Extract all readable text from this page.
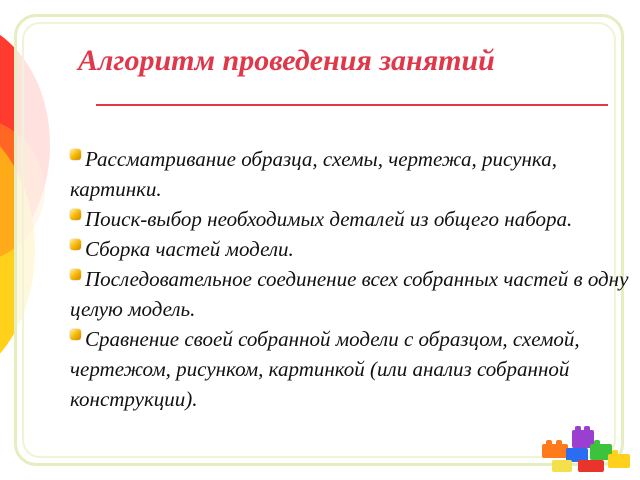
Алгоритм проведения занятий

Рассматривание образца, схемы, чертежа, рисунка, картинки.

Поиск-выбор необходимых деталей из общего набора.

Сборка частей модели.

Последовательное соединение всех собранных частей в одну целую модель.

Сравнение своей собранной модели с образцом, схемой, чертежом, рисунком, картинкой (или анализ собранной конструкции).
